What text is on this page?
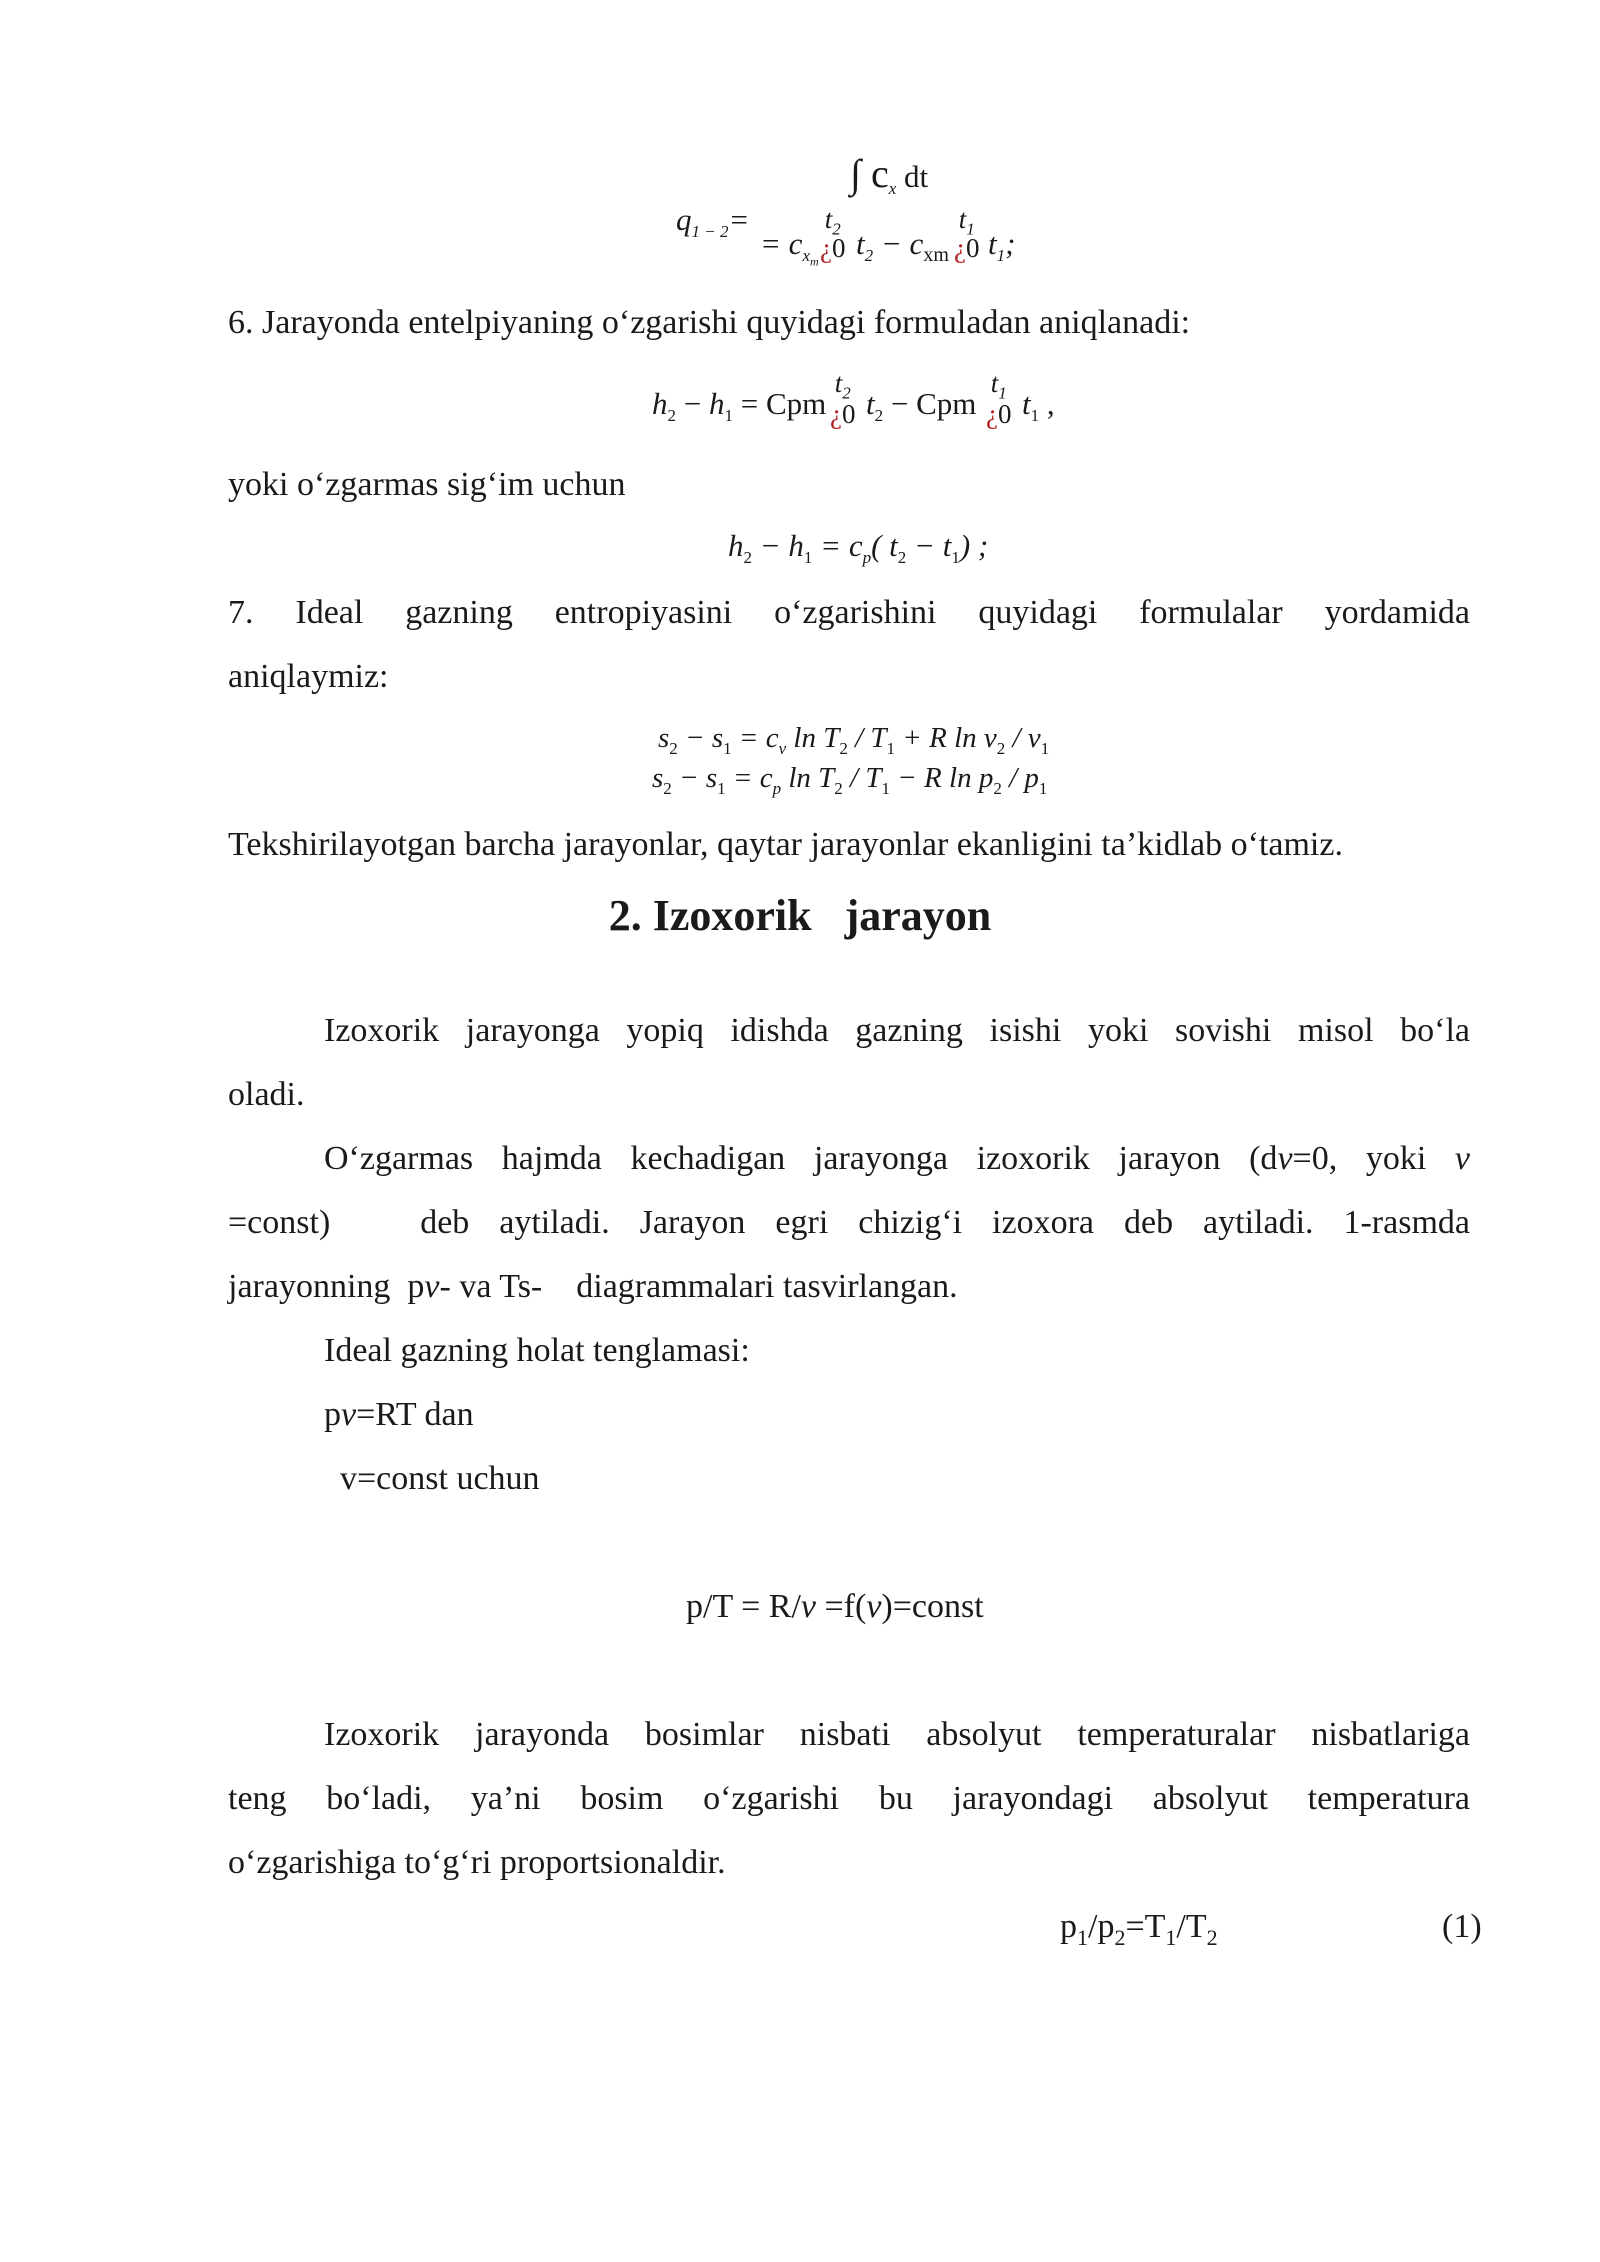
∫ $c_x$ dt
$q_{1 - 2}=$
= $c_{x_m}$
$t_2$
¿0 $t_2 - c_{xm}$
$t_1$
¿0 $t_1$;
6. Jarayonda entelpiyaning o‘zgarishi quyidagi formuladan aniqlanadi:
$h_2 - h_1$ = Cpm
$t_2$
¿0 $t_2$ − Cpm
$t_1$
¿0 $t_1$ ,
yoki o‘zgarmas sig‘im uchun
$h_2 - h_1 = c_p$( $t_2 - t_1$) ;
7. Ideal gazning entropiyasini o‘zgarishini quyidagi formulalar yordamida
aniqlaymiz:
$s_2 - s_1 = c_v$ $\ln T_2 / T_1 + R$ $\ln v_2 / v_1$
$s_2 - s_1 = c_p$ $\ln T_2 / T_1 - R$ $\ln p_2 / p_1$
Tekshirilayotgan barcha jarayonlar, qaytar jarayonlar ekanligini ta’kidlab o‘tamiz.
2. Izoxorik   jarayon
Izoxorik jarayonga yopiq idishda gazning isishi yoki sovishi misol bo‘la
oladi.
O‘zgarmas hajmda kechadigan jarayonga izoxorik jarayon (dv=0, yoki v
=const)   deb aytiladi. Jarayon egri chizig‘i izoxora deb aytiladi. 1-rasmda
jarayonning  pv- va Ts-    diagrammalari tasvirlangan.
Ideal gazning holat tenglamasi:
pv=RT dan
v=const uchun
p/T = R/v =f(v)=const
Izoxorik jarayonda bosimlar nisbati absolyut temperaturalar nisbatlariga
teng bo‘ladi, ya’ni bosim o‘zgarishi bu jarayondagi absolyut temperatura
o‘zgarishiga to‘g‘ri proportsionaldir.
$p_1/p_2=T_1/T_2$	(1)
